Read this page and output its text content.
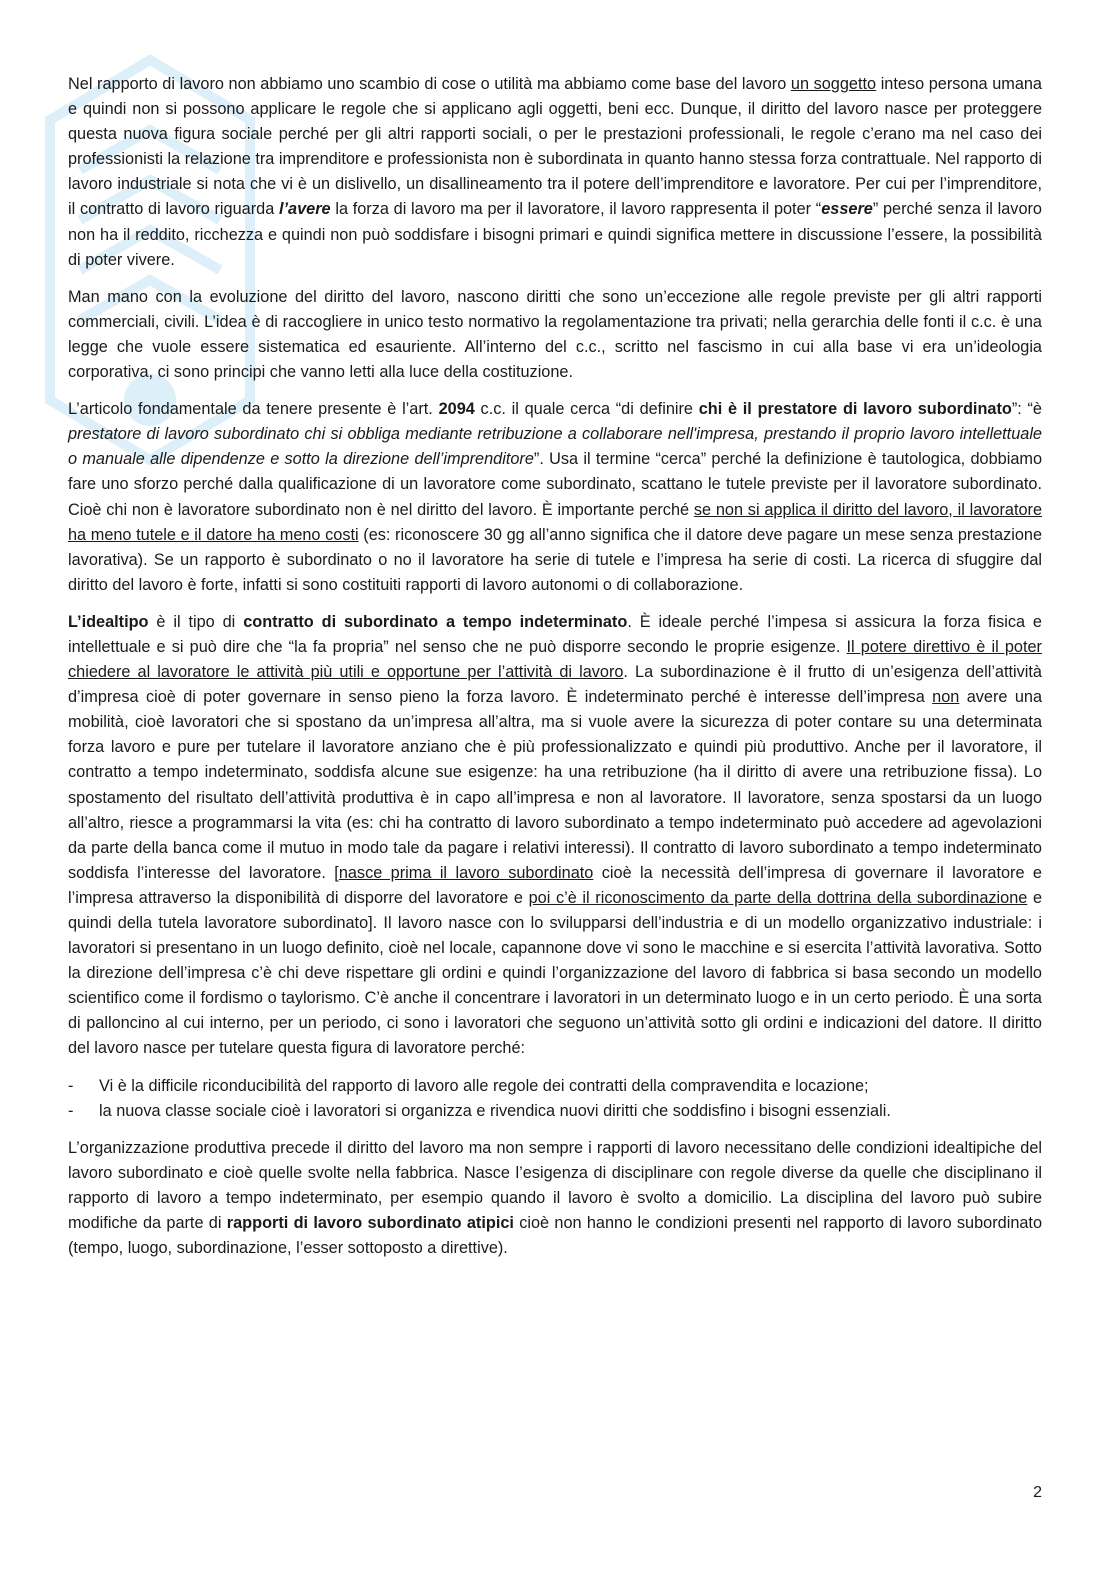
Nel rapporto di lavoro non abbiamo uno scambio di cose o utilità ma abbiamo come base del lavoro un soggetto inteso persona umana e quindi non si possono applicare le regole che si applicano agli oggetti, beni ecc. Dunque, il diritto del lavoro nasce per proteggere questa nuova figura sociale perché per gli altri rapporti sociali, o per le prestazioni professionali, le regole c’erano ma nel caso dei professionisti la relazione tra imprenditore e professionista non è subordinata in quanto hanno stessa forza contrattuale. Nel rapporto di lavoro industriale si nota che vi è un dislivello, un disallineamento tra il potere dell’imprenditore e lavoratore. Per cui per l’imprenditore, il contratto di lavoro riguarda l’avere la forza di lavoro ma per il lavoratore, il lavoro rappresenta il poter “essere” perché senza il lavoro non ha il reddito, ricchezza e quindi non può soddisfare i bisogni primari e quindi significa mettere in discussione l’essere, la possibilità di poter vivere.

Man mano con la evoluzione del diritto del lavoro, nascono diritti che sono un’eccezione alle regole previste per gli altri rapporti commerciali, civili. L’idea è di raccogliere in unico testo normativo la regolamentazione tra privati; nella gerarchia delle fonti il c.c. è una legge che vuole essere sistematica ed esauriente. All’interno del c.c., scritto nel fascismo in cui alla base vi era un’ideologia corporativa, ci sono principi che vanno letti alla luce della costituzione.

L’articolo fondamentale da tenere presente è l’art. 2094 c.c. il quale cerca “di definire chi è il prestatore di lavoro subordinato”: “è prestatore di lavoro subordinato chi si obbliga mediante retribuzione a collaborare nell'impresa, prestando il proprio lavoro intellettuale o manuale alle dipendenze e sotto la direzione dell’imprenditore”. Usa il termine “cerca” perché la definizione è tautologica, dobbiamo fare uno sforzo perché dalla qualificazione di un lavoratore come subordinato, scattano le tutele previste per il lavoratore subordinato. Cioè chi non è lavoratore subordinato non è nel diritto del lavoro. È importante perché se non si applica il diritto del lavoro, il lavoratore ha meno tutele e il datore ha meno costi (es: riconoscere 30 gg all’anno significa che il datore deve pagare un mese senza prestazione lavorativa). Se un rapporto è subordinato o no il lavoratore ha serie di tutele e l’impresa ha serie di costi. La ricerca di sfuggire dal diritto del lavoro è forte, infatti si sono costituiti rapporti di lavoro autonomi o di collaborazione.

L’idealtipo è il tipo di contratto di subordinato a tempo indeterminato. È ideale perché l’impesa si assicura la forza fisica e intellettuale e si può dire che “la fa propria” nel senso che ne può disporre secondo le proprie esigenze. Il potere direttivo è il poter chiedere al lavoratore le attività più utili e opportune per l’attività di lavoro. La subordinazione è il frutto di un’esigenza dell’attività d’impresa cioè di poter governare in senso pieno la forza lavoro. È indeterminato perché è interesse dell’impresa non avere una mobilità, cioè lavoratori che si spostano da un’impresa all’altra, ma si vuole avere la sicurezza di poter contare su una determinata forza lavoro e pure per tutelare il lavoratore anziano che è più professionalizzato e quindi più produttivo. Anche per il lavoratore, il contratto a tempo indeterminato, soddisfa alcune sue esigenze: ha una retribuzione (ha il diritto di avere una retribuzione fissa). Lo spostamento del risultato dell’attività produttiva è in capo all’impresa e non al lavoratore. Il lavoratore, senza spostarsi da un luogo all’altro, riesce a programmarsi la vita (es: chi ha contratto di lavoro subordinato a tempo indeterminato può accedere ad agevolazioni da parte della banca come il mutuo in modo tale da pagare i relativi interessi). Il contratto di lavoro subordinato a tempo indeterminato soddisfa l’interesse del lavoratore. [nasce prima il lavoro subordinato cioè la necessità dell’impresa di governare il lavoratore e l’impresa attraverso la disponibilità di disporre del lavoratore e poi c’è il riconoscimento da parte della dottrina della subordinazione e quindi della tutela lavoratore subordinato]. Il lavoro nasce con lo svilupparsi dell’industria e di un modello organizzativo industriale: i lavoratori si presentano in un luogo definito, cioè nel locale, capannone dove vi sono le macchine e si esercita l’attività lavorativa. Sotto la direzione dell’impresa c’è chi deve rispettare gli ordini e quindi l’organizzazione del lavoro di fabbrica si basa secondo un modello scientifico come il fordismo o taylorismo. C’è anche il concentrare i lavoratori in un determinato luogo e in un certo periodo. È una sorta di palloncino al cui interno, per un periodo, ci sono i lavoratori che seguono un’attività sotto gli ordini e indicazioni del datore. Il diritto del lavoro nasce per tutelare questa figura di lavoratore perché:

- Vi è la difficile riconducibilità del rapporto di lavoro alle regole dei contratti della compravendita e locazione;
- la nuova classe sociale cioè i lavoratori si organizza e rivendica nuovi diritti che soddisfino i bisogni essenziali.

L’organizzazione produttiva precede il diritto del lavoro ma non sempre i rapporti di lavoro necessitano delle condizioni idealtipiche del lavoro subordinato e cioè quelle svolte nella fabbrica. Nasce l’esigenza di disciplinare con regole diverse da quelle che disciplinano il rapporto di lavoro a tempo indeterminato, per esempio quando il lavoro è svolto a domicilio. La disciplina del lavoro può subire modifiche da parte di rapporti di lavoro subordinato atipici cioè non hanno le condizioni presenti nel rapporto di lavoro subordinato (tempo, luogo, subordinazione, l’esser sottoposto a direttive).

2
